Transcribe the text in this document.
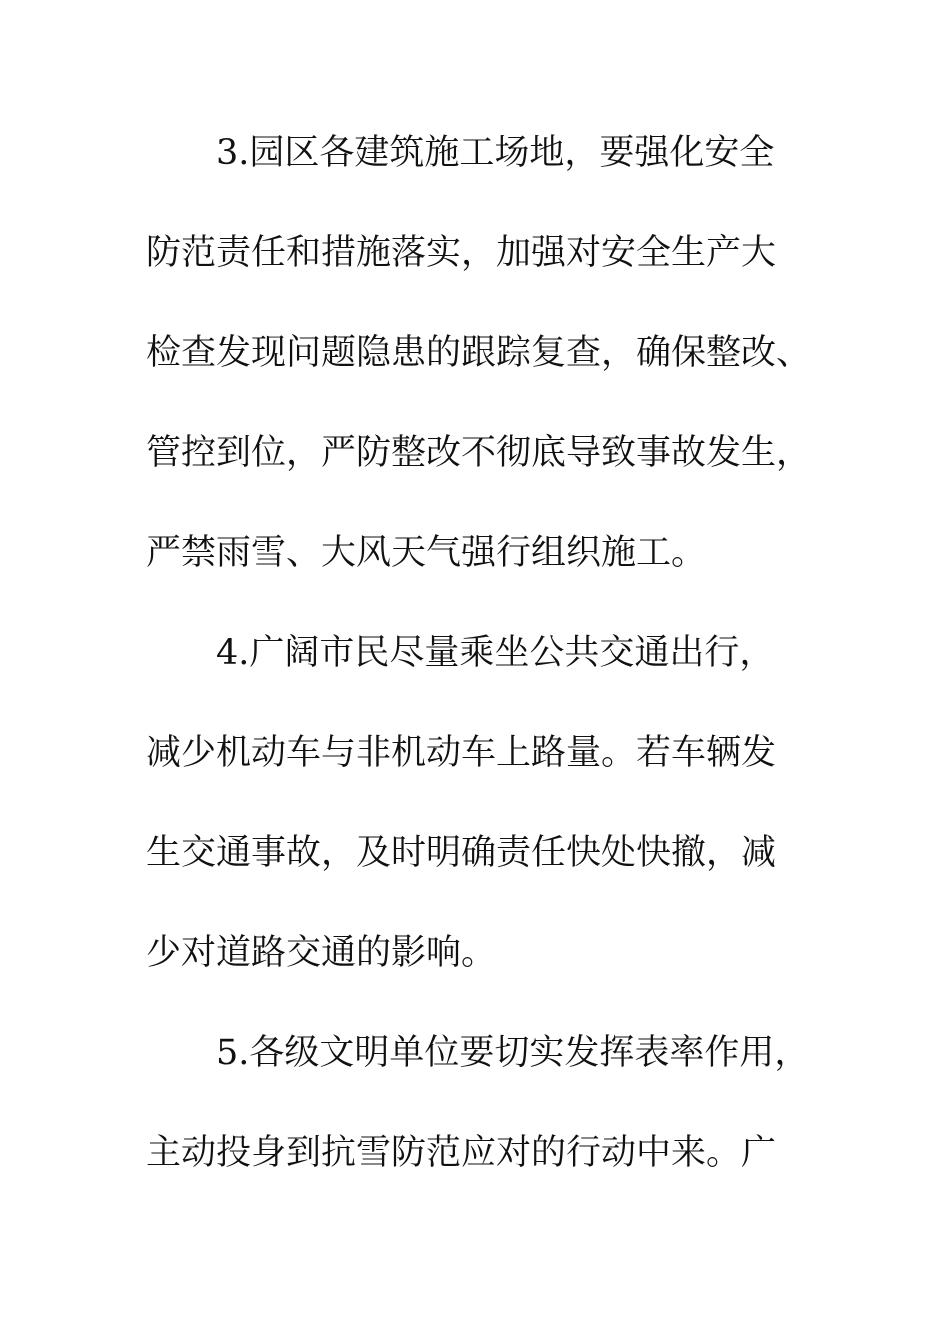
3.园区各建筑施工场地，要强化安全
防范责任和措施落实，加强对安全生产大
检查发现问题隐患的跟踪复查，确保整改、
管控到位，严防整改不彻底导致事故发生，
严禁雨雪、大风天气强行组织施工。
4.广阔市民尽量乘坐公共交通出行，
减少机动车与非机动车上路量。若车辆发
生交通事故，及时明确责任快处快撤，减
少对道路交通的影响。
5.各级文明单位要切实发挥表率作用，
主动投身到抗雪防范应对的行动中来。广
